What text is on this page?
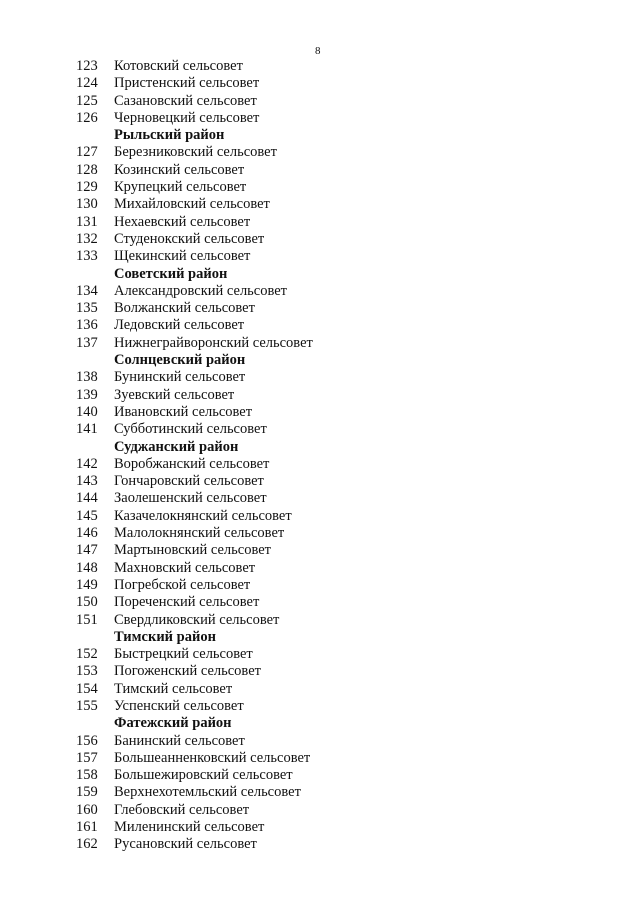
8
123	Котовский сельсовет
124	Пристенский сельсовет
125	Сазановский сельсовет
126	Черновецкий сельсовет
Рыльский район
127	Березниковский сельсовет
128	Козинский сельсовет
129	Крупецкий сельсовет
130	Михайловский сельсовет
131	Нехаевский сельсовет
132	Студенокский сельсовет
133	Щекинский сельсовет
Советский район
134	Александровский сельсовет
135	Волжанский сельсовет
136	Ледовский сельсовет
137	Нижнеграйворонский сельсовет
Солнцевский район
138	Бунинский сельсовет
139	Зуевский сельсовет
140	Ивановский сельсовет
141	Субботинский сельсовет
Суджанский район
142	Воробжанский сельсовет
143	Гончаровский сельсовет
144	Заолешенский сельсовет
145	Казачелокнянский сельсовет
146	Малолокнянский сельсовет
147	Мартыновский сельсовет
148	Махновский сельсовет
149	Погребской сельсовет
150	Пореченский сельсовет
151	Свердликовский сельсовет
Тимский район
152	Быстрецкий сельсовет
153	Погоженский сельсовет
154	Тимский сельсовет
155	Успенский сельсовет
Фатежский район
156	Банинский сельсовет
157	Большеанненковский сельсовет
158	Большежировский сельсовет
159	Верхнехотемльский сельсовет
160	Глебовский сельсовет
161	Миленинский сельсовет
162	Русановский сельсовет
